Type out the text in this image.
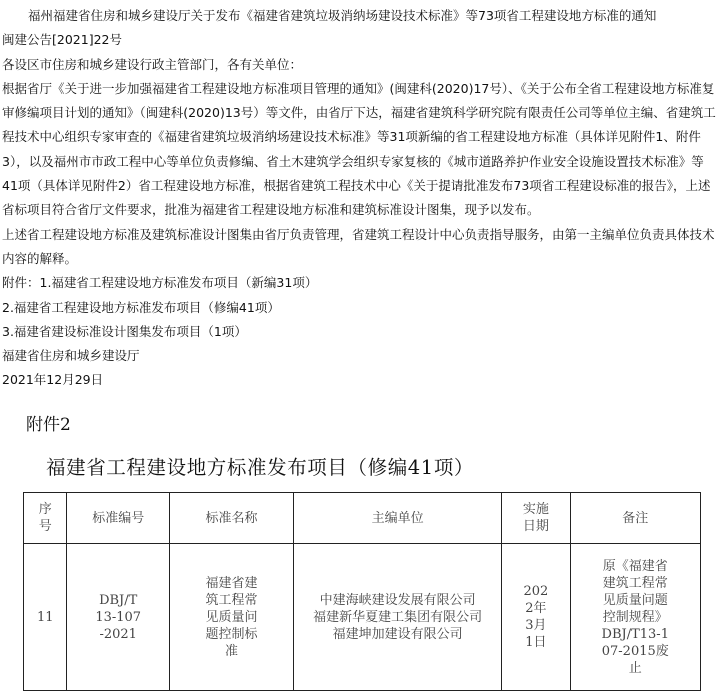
福州福建省住房和城乡建设厅关于发布《福建省建筑垃圾消纳场建设技术标准》等73项省工程建设地方标准的通知

闽建公告[2021]22号

各设区市住房和城乡建设行政主管部门，各有关单位：

根据省厅《关于进一步加强福建省工程建设地方标准项目管理的通知》(闽建科(2020)17号）、《关于公布全省工程建设地方标准复审修编项目计划的通知》（闽建科(2020)13号）等文件，由省厅下达，福建省建筑科学研究院有限责任公司等单位主编、省建筑工程技术中心组织专家审查的《福建省建筑垃圾消纳场建设技术标准》等31项新编的省工程建设地方标准（具体详见附件1、附件3），以及福州市市政工程中心等单位负责修编、省土木建筑学会组织专家复核的《城市道路养护作业安全设施设置技术标准》等41项（具体详见附件2）省工程建设地方标准，根据省建筑工程技术中心《关于提请批准发布73项省工程建设标准的报告》，上述省标项目符合省厅文件要求，批准为福建省工程建设地方标准和建筑标准设计图集，现予以发布。

上述省工程建设地方标准及建筑标准设计图集由省厅负责管理，省建筑工程设计中心负责指导服务，由第一主编单位负责具体技术内容的解释。

附件：1.福建省工程建设地方标准发布项目（新编31项）

2.福建省工程建设地方标准发布项目（修编41项）

3.福建省建设标准设计图集发布项目（1项）

福建省住房和城乡建设厅

2021年12月29日

附件2
福建省工程建设地方标准发布项目（修编41项）
序号	标准编号	标准名称	主编单位	实施日期	备注
11	DBJ/T13-107-2021	福建省建筑工程常见质量问题控制标准	中建海峡建设发展有限公司
福建新华夏建工集团有限公司
福建坤加建设有限公司	2022年3月1日	原《福建省建筑工程常见质量问题控制规程》DBJ/T13-107-2015废止
